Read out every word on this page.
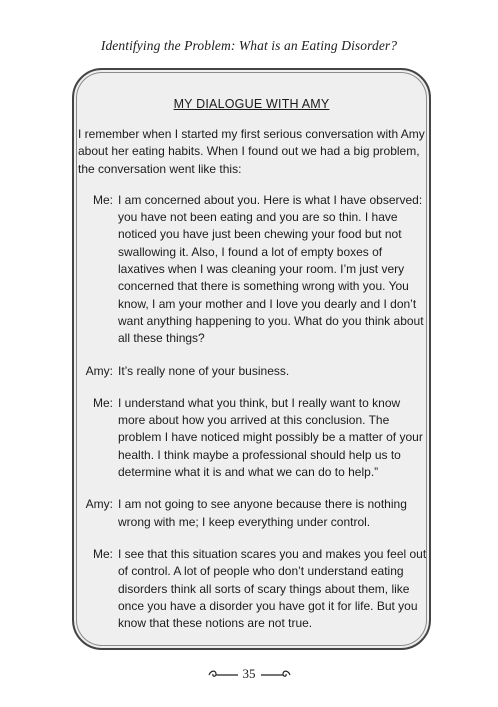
Identifying the Problem: What is an Eating Disorder?
MY DIALOGUE WITH AMY

I remember when I started my first serious conversation with Amy about her eating habits. When I found out we had a big problem, the conversation went like this:

Me: I am concerned about you. Here is what I have observed: you have not been eating and you are so thin. I have noticed you have just been chewing your food but not swallowing it. Also, I found a lot of empty boxes of laxatives when I was cleaning your room. I’m just very concerned that there is something wrong with you. You know, I am your mother and I love you dearly and I don’t want anything happening to you. What do you think about all these things?
Amy: It’s really none of your business.
Me: I understand what you think, but I really want to know more about how you arrived at this conclusion. The problem I have noticed might possibly be a matter of your health. I think maybe a professional should help us to determine what it is and what we can do to help.”
Amy: I am not going to see anyone because there is nothing wrong with me; I keep everything under control.
Me: I see that this situation scares you and makes you feel out of control. A lot of people who don’t understand eating disorders think all sorts of scary things about them, like once you have a disorder you have got it for life. But you know that these notions are not true.
35
